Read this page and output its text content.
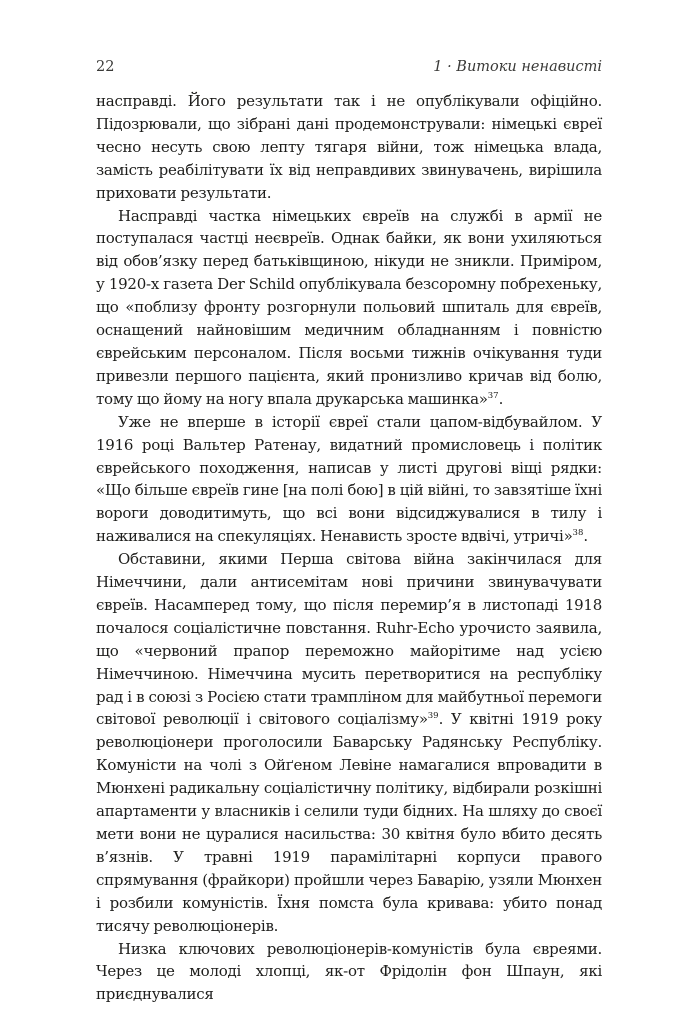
22	1 · Витоки ненависті

насправді. Його результати так і не опублікували офіційно. Підозрювали, що зібрані дані продемонстрували: німецькі євреї чесно несуть свою лепту тягаря війни, тож німецька влада, замість реабілітувати їх від неправдивих звинувачень, вирішила приховати результати.

Насправді частка німецьких євреїв на службі в армії не поступалася частці неєвреїв. Однак байки, як вони ухиляються від обов’язку перед батьківщиною, нікуди не зникли. Приміром, у 1920-х газета Der Schild опублікувала безсоромну побрехеньку, що «поблизу фронту розгорнули польовий шпиталь для євреїв, оснащений найновішим медичним обладнанням і повністю єврейським персоналом. Після восьми тижнів очікування туди привезли першого пацієнта, який пронизливо кричав від болю, тому що йому на ногу впала друкарська машинка»$^{37}$.

Уже не вперше в історії євреї стали цапом-відбувайлом. У 1916 році Вальтер Ратенау, видатний промисловець і політик єврейського походження, написав у листі другові віщі рядки: «Що більше євреїв гине [на полі бою] в цій війні, то завзятіше їхні вороги доводитимуть, що всі вони відсиджувалися в тилу і наживалися на спекуляціях. Ненависть зросте вдвічі, утричі»$^{38}$.

Обставини, якими Перша світова війна закінчилася для Німеччини, дали антисемітам нові причини звинувачувати євреїв. Насамперед тому, що після перемир’я в листопаді 1918 почалося соціалістичне повстання. Ruhr-Echo урочисто заявила, що «червоний прапор переможно майорітиме над усією Німеччиною. Німеччина мусить перетворитися на республіку рад і в союзі з Росією стати трампліном для майбутньої перемоги світової революції і світового соціалізму»$^{39}$. У квітні 1919 року революціонери проголосили Баварську Радянську Республіку. Комуністи на чолі з Ойґеном Левіне намагалися впровадити в Мюнхені радикальну соціалістичну політику, відбирали розкішні апартаменти у власників і селили туди бідних. На шляху до своєї мети вони не цуралися насильства: 30 квітня було вбито десять в’язнів. У травні 1919 парамілітарні корпуси правого спрямування (фрайкори) пройшли через Баварію, узяли Мюнхен і розбили комуністів. Їхня помста була кривава: убито понад тисячу революціонерів.

Низка ключових революціонерів-комуністів була євреями. Через це молоді хлопці, як-от Фрідолін фон Шпаун, які приєднувалися
